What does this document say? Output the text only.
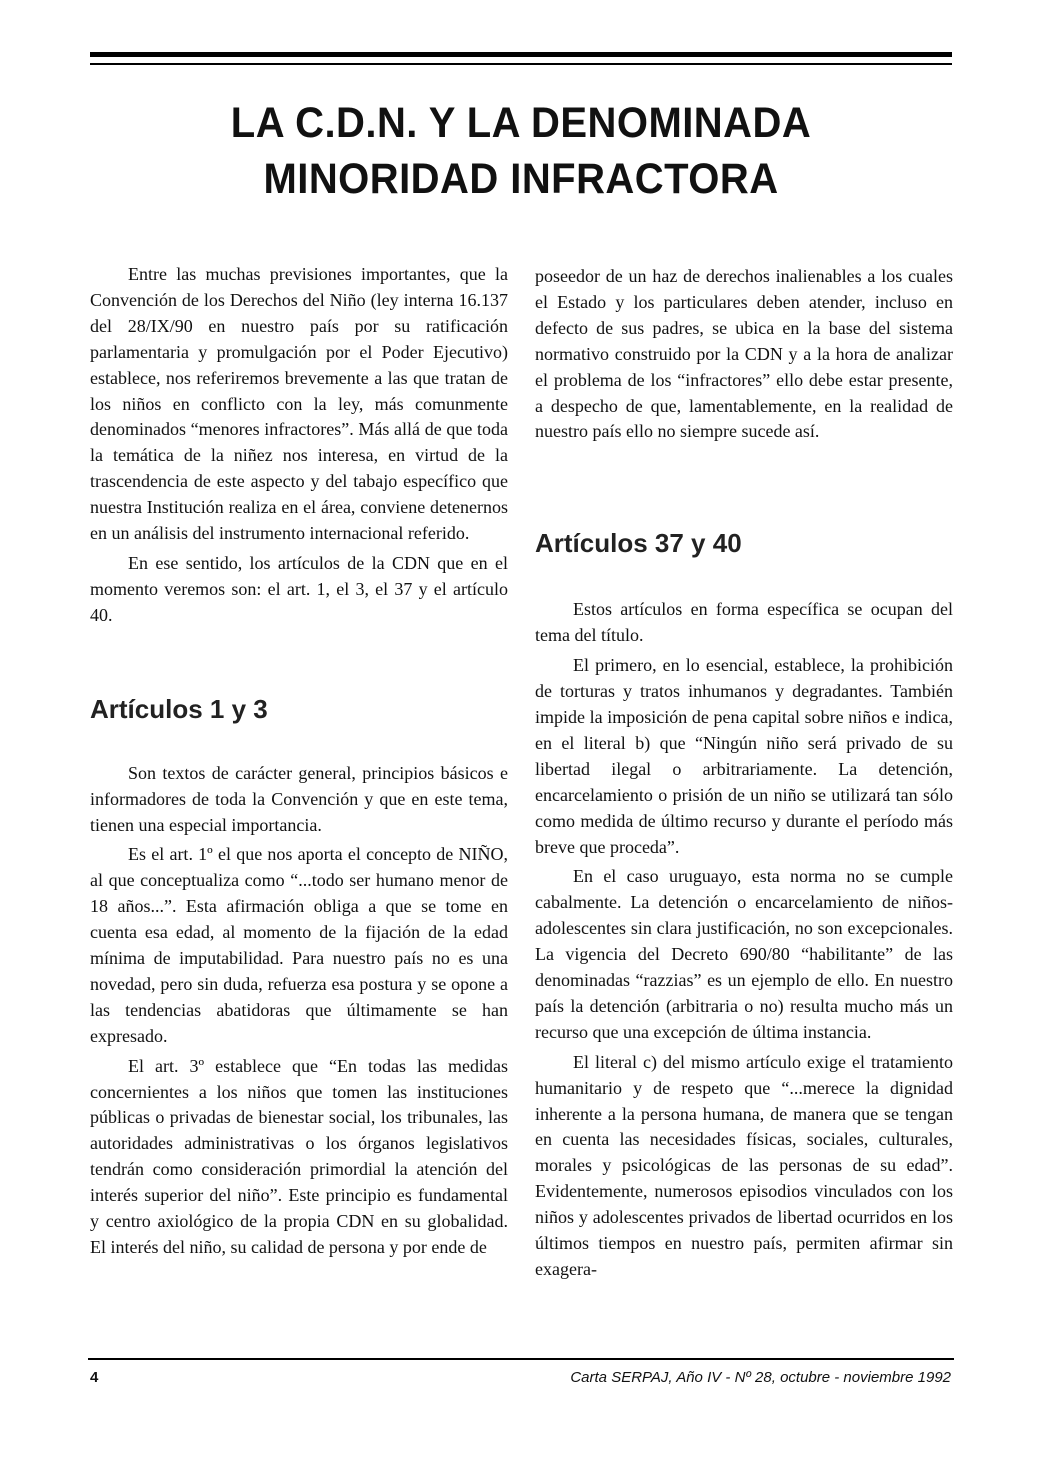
LA C.D.N. Y LA DENOMINADA
MINORIDAD INFRACTORA

Entre las muchas previsiones importantes, que la Convención de los Derechos del Niño (ley interna 16.137 del 28/IX/90 en nuestro país por su ratificación parlamentaria y promulgación por el Poder Ejecutivo) establece, nos referiremos brevemente a las que tratan de los niños en conflicto con la ley, más comunmente denominados “menores infractores”. Más allá de que toda la temática de la niñez nos interesa, en virtud de la trascendencia de este aspecto y del tabajo específico que nuestra Institución realiza en el área, conviene detenernos en un análisis del instrumento internacional referido.

En ese sentido, los artículos de la CDN que en el momento veremos son: el art. 1, el 3, el 37 y el artículo 40.

Artículos 1 y 3

Son textos de carácter general, principios básicos e informadores de toda la Convención y que en este tema, tienen una especial importancia.

Es el art. 1º el que nos aporta el concepto de NIÑO, al que conceptualiza como “...todo ser humano menor de 18 años...”. Esta afirmación obliga a que se tome en cuenta esa edad, al momento de la fijación de la edad mínima de imputabilidad. Para nuestro país no es una novedad, pero sin duda, refuerza esa postura y se opone a las tendencias abatidoras que últimamente se han expresado.

El art. 3º establece que “En todas las medidas concernientes a los niños que tomen las instituciones públicas o privadas de bienestar social, los tribunales, las autoridades administrativas o los órganos legislativos tendrán como consideración primordial la atención del interés superior del niño”. Este principio es fundamental y centro axiológico de la propia CDN en su globalidad. El interés del niño, su calidad de persona y por ende de

poseedor de un haz de derechos inalienables a los cuales el Estado y los particulares deben atender, incluso en defecto de sus padres, se ubica en la base del sistema normativo construido por la CDN y a la hora de analizar el problema de los “infractores” ello debe estar presente, a despecho de que, lamentablemente, en la realidad de nuestro país ello no siempre sucede así.

Artículos 37 y 40

Estos artículos en forma específica se ocupan del tema del título.

El primero, en lo esencial, establece, la prohibición de torturas y tratos inhumanos y degradantes. También impide la imposición de pena capital sobre niños e indica, en el literal b) que “Ningún niño será privado de su libertad ilegal o arbitrariamente. La detención, encarcelamiento o prisión de un niño se utilizará tan sólo como medida de último recurso y durante el período más breve que proceda”.

En el caso uruguayo, esta norma no se cumple cabalmente. La detención o encarcelamiento de niños-adolescentes sin clara justificación, no son excepcionales. La vigencia del Decreto 690/80 “habilitante” de las denominadas “razzias” es un ejemplo de ello. En nuestro país la detención (arbitraria o no) resulta mucho más un recurso que una excepción de última instancia.

El literal c) del mismo artículo exige el tratamiento humanitario y de respeto que “...merece la dignidad inherente a la persona humana, de manera que se tengan en cuenta las necesidades físicas, sociales, culturales, morales y psicológicas de las personas de su edad”. Evidentemente, numerosos episodios vinculados con los niños y adolescentes privados de libertad ocurridos en los últimos tiempos en nuestro país, permiten afirmar sin exagera-

4	Carta SERPAJ, Año IV - Nº 28, octubre - noviembre 1992
